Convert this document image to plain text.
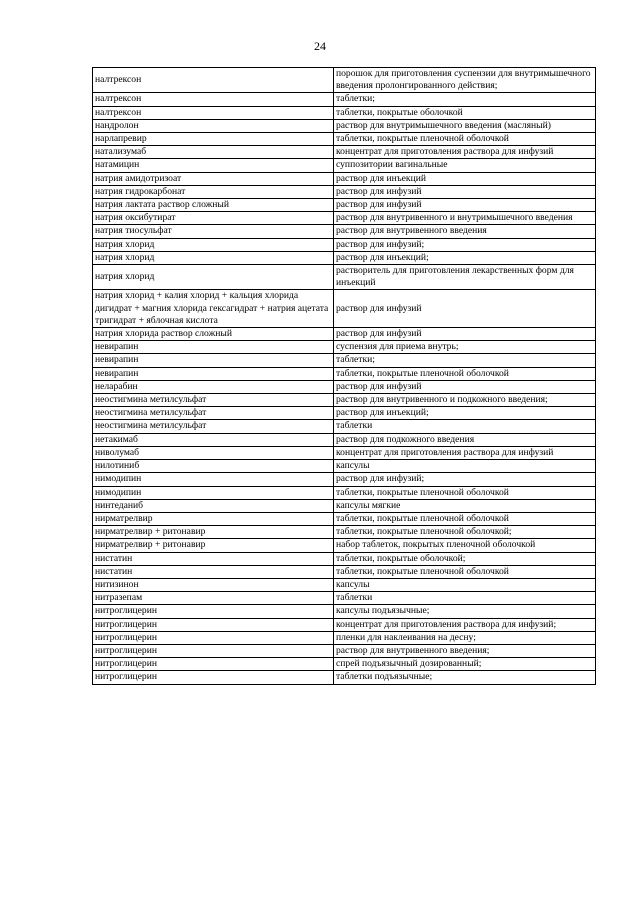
24
налтрексон	порошок для приготовления суспензии для внутримышечного введения пролонгированного действия;
налтрексон	таблетки;
налтрексон	таблетки, покрытые оболочкой
нандролон	раствор для внутримышечного введения (масляный)
нарлапревир	таблетки, покрытые пленочной оболочкой
натализумаб	концентрат для приготовления раствора для инфузий
натамицин	суппозитории вагинальные
натрия амидотризоат	раствор для инъекций
натрия гидрокарбонат	раствор для инфузий
натрия лактата раствор сложный	раствор для инфузий
натрия оксибутират	раствор для внутривенного и внутримышечного введения
натрия тиосульфат	раствор для внутривенного введения
натрия хлорид	раствор для инфузий;
натрия хлорид	раствор для инъекций;
натрия хлорид	растворитель для приготовления лекарственных форм для инъекций
натрия хлорид + калия хлорид + кальция хлорида дигидрат + магния хлорида гексагидрат + натрия ацетата тригидрат + яблочная кислота	раствор для инфузий
натрия хлорида раствор сложный	раствор для инфузий
невирапин	суспензия для приема внутрь;
невирапин	таблетки;
невирапин	таблетки, покрытые пленочной оболочкой
неларабин	раствор для инфузий
неостигмина метилсульфат	раствор для внутривенного и подкожного введения;
неостигмина метилсульфат	раствор для инъекций;
неостигмина метилсульфат	таблетки
нетакимаб	раствор для подкожного введения
ниволумаб	концентрат для приготовления раствора для инфузий
нилотиниб	капсулы
нимодипин	раствор для инфузий;
нимодипин	таблетки, покрытые пленочной оболочкой
нинтеданиб	капсулы мягкие
нирматрелвир	таблетки, покрытые пленочной оболочкой
нирматрелвир + ритонавир	таблетки, покрытые пленочной оболочкой;
нирматрелвир + ритонавир	набор таблеток, покрытых пленочной оболочкой
нистатин	таблетки, покрытые оболочкой;
нистатин	таблетки, покрытые пленочной оболочкой
нитизинон	капсулы
нитразепам	таблетки
нитроглицерин	капсулы подъязычные;
нитроглицерин	концентрат для приготовления раствора для инфузий;
нитроглицерин	пленки для наклеивания на десну;
нитроглицерин	раствор для внутривенного введения;
нитроглицерин	спрей подъязычный дозированный;
нитроглицерин	таблетки подъязычные;
